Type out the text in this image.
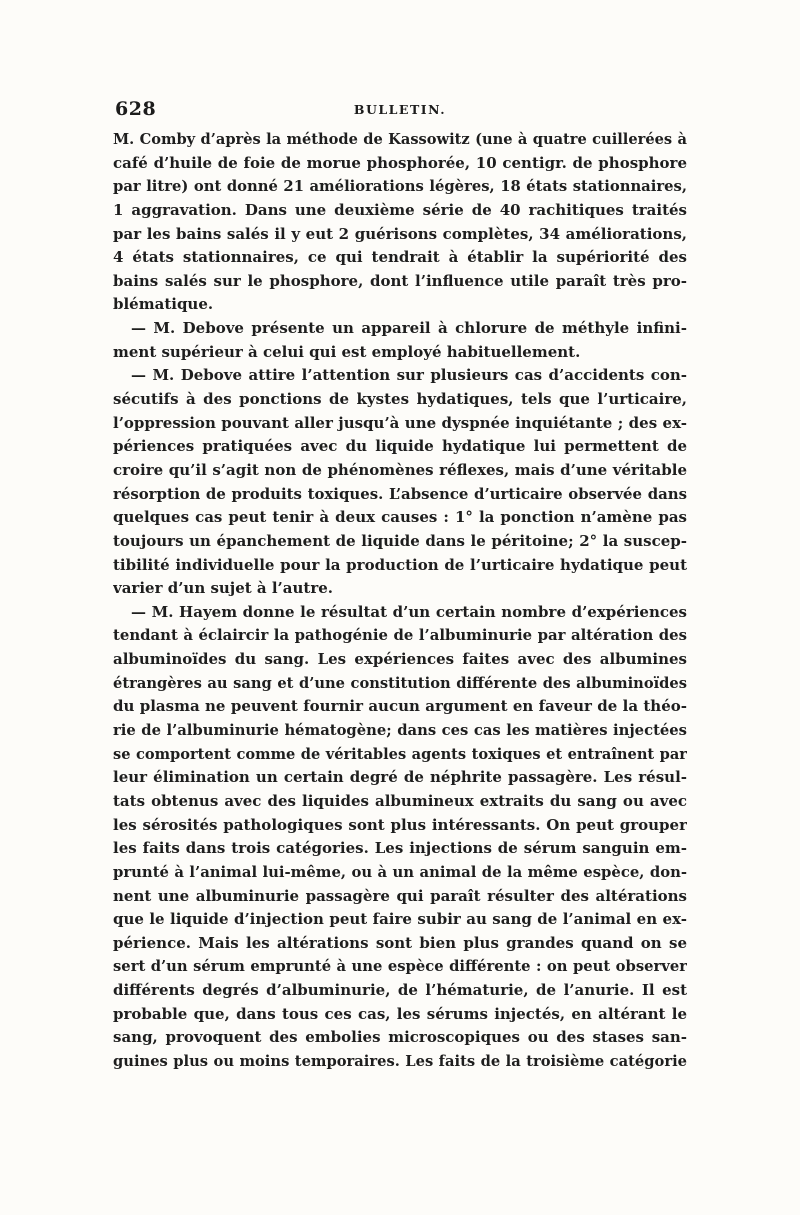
628	BULLETIN.
M. Comby d’après la méthode de Kassowitz (une à quatre cuillerées à
café d’huile de foie de morue phosphorée, 10 centigr. de phosphore
par litre) ont donné 21 améliorations légères, 18 états stationnaires,
1 aggravation. Dans une deuxième série de 40 rachitiques traités
par les bains salés il y eut 2 guérisons complètes, 34 améliorations,
4 états stationnaires, ce qui tendrait à établir la supériorité des
bains salés sur le phosphore, dont l’influence utile paraît très pro-
blématique.
— M. Debove présente un appareil à chlorure de méthyle infini-
ment supérieur à celui qui est employé habituellement.
— M. Debove attire l’attention sur plusieurs cas d’accidents con-
sécutifs à des ponctions de kystes hydatiques, tels que l’urticaire,
l’oppression pouvant aller jusqu’à une dyspnée inquiétante ; des ex-
périences pratiquées avec du liquide hydatique lui permettent de
croire qu’il s’agit non de phénomènes réflexes, mais d’une véritable
résorption de produits toxiques. L’absence d’urticaire observée dans
quelques cas peut tenir à deux causes : 1° la ponction n’amène pas
toujours un épanchement de liquide dans le péritoine; 2° la suscep-
tibilité individuelle pour la production de l’urticaire hydatique peut
varier d’un sujet à l’autre.
— M. Hayem donne le résultat d’un certain nombre d’expériences
tendant à éclaircir la pathogénie de l’albuminurie par altération des
albuminoïdes du sang. Les expériences faites avec des albumines
étrangères au sang et d’une constitution différente des albuminoïdes
du plasma ne peuvent fournir aucun argument en faveur de la théo-
rie de l’albuminurie hématogène; dans ces cas les matières injectées
se comportent comme de véritables agents toxiques et entraînent par
leur élimination un certain degré de néphrite passagère. Les résul-
tats obtenus avec des liquides albumineux extraits du sang ou avec
les sérosités pathologiques sont plus intéressants. On peut grouper
les faits dans trois catégories. Les injections de sérum sanguin em-
prunté à l’animal lui-même, ou à un animal de la même espèce, don-
nent une albuminurie passagère qui paraît résulter des altérations
que le liquide d’injection peut faire subir au sang de l’animal en ex-
périence. Mais les altérations sont bien plus grandes quand on se
sert d’un sérum emprunté à une espèce différente : on peut observer
différents degrés d’albuminurie, de l’hématurie, de l’anurie. Il est
probable que, dans tous ces cas, les sérums injectés, en altérant le
sang, provoquent des embolies microscopiques ou des stases san-
guines plus ou moins temporaires. Les faits de la troisième catégorie
